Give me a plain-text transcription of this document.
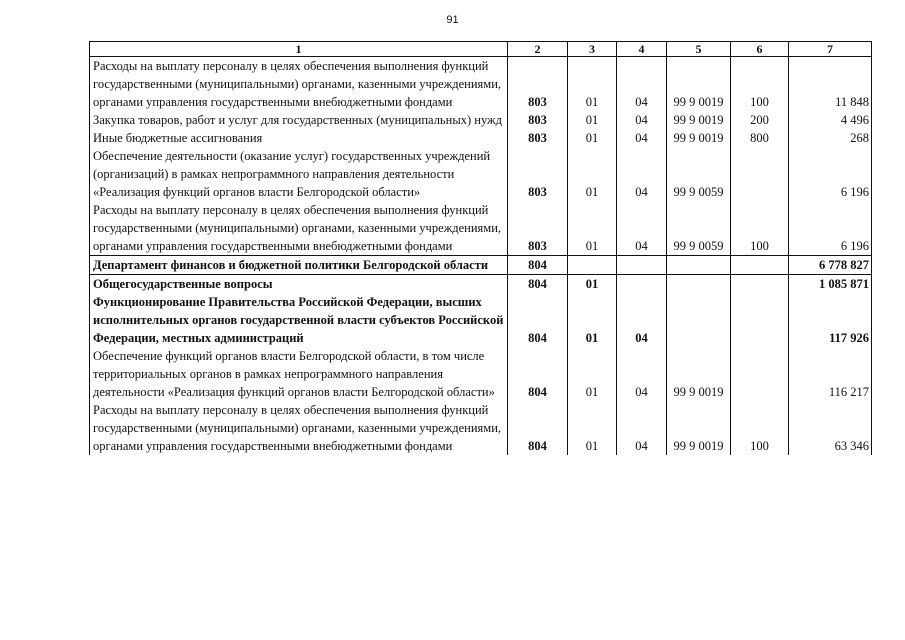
91
1	2	3	4	5	6	7
Расходы на выплату персоналу в целях обеспечения выполнения функций государственными (муниципальными) органами, казенными учреждениями, органами управления государственными внебюджетными фондами	803	01	04	99 9 0019	100	11 848
Закупка товаров, работ и услуг для государственных (муниципальных) нужд	803	01	04	99 9 0019	200	4 496
Иные бюджетные ассигнования	803	01	04	99 9 0019	800	268
Обеспечение деятельности (оказание услуг) государственных учреждений (организаций) в рамках непрограммного направления деятельности «Реализация функций органов власти Белгородской области»	803	01	04	99 9 0059		6 196
Расходы на выплату персоналу в целях обеспечения выполнения функций государственными (муниципальными) органами, казенными учреждениями, органами управления государственными внебюджетными фондами	803	01	04	99 9 0059	100	6 196
Департамент финансов и бюджетной политики Белгородской области	804					6 778 827
Общегосударственные вопросы	804	01				1 085 871
Функционирование Правительства Российской Федерации, высших исполнительных органов государственной власти субъектов Российской Федерации, местных администраций	804	01	04			117 926
Обеспечение функций органов власти Белгородской области, в том числе территориальных органов в рамках непрограммного направления деятельности «Реализация функций органов власти Белгородской области»	804	01	04	99 9 0019		116 217
Расходы на выплату персоналу в целях обеспечения выполнения функций государственными (муниципальными) органами, казенными учреждениями, органами управления государственными внебюджетными фондами	804	01	04	99 9 0019	100	63 346
